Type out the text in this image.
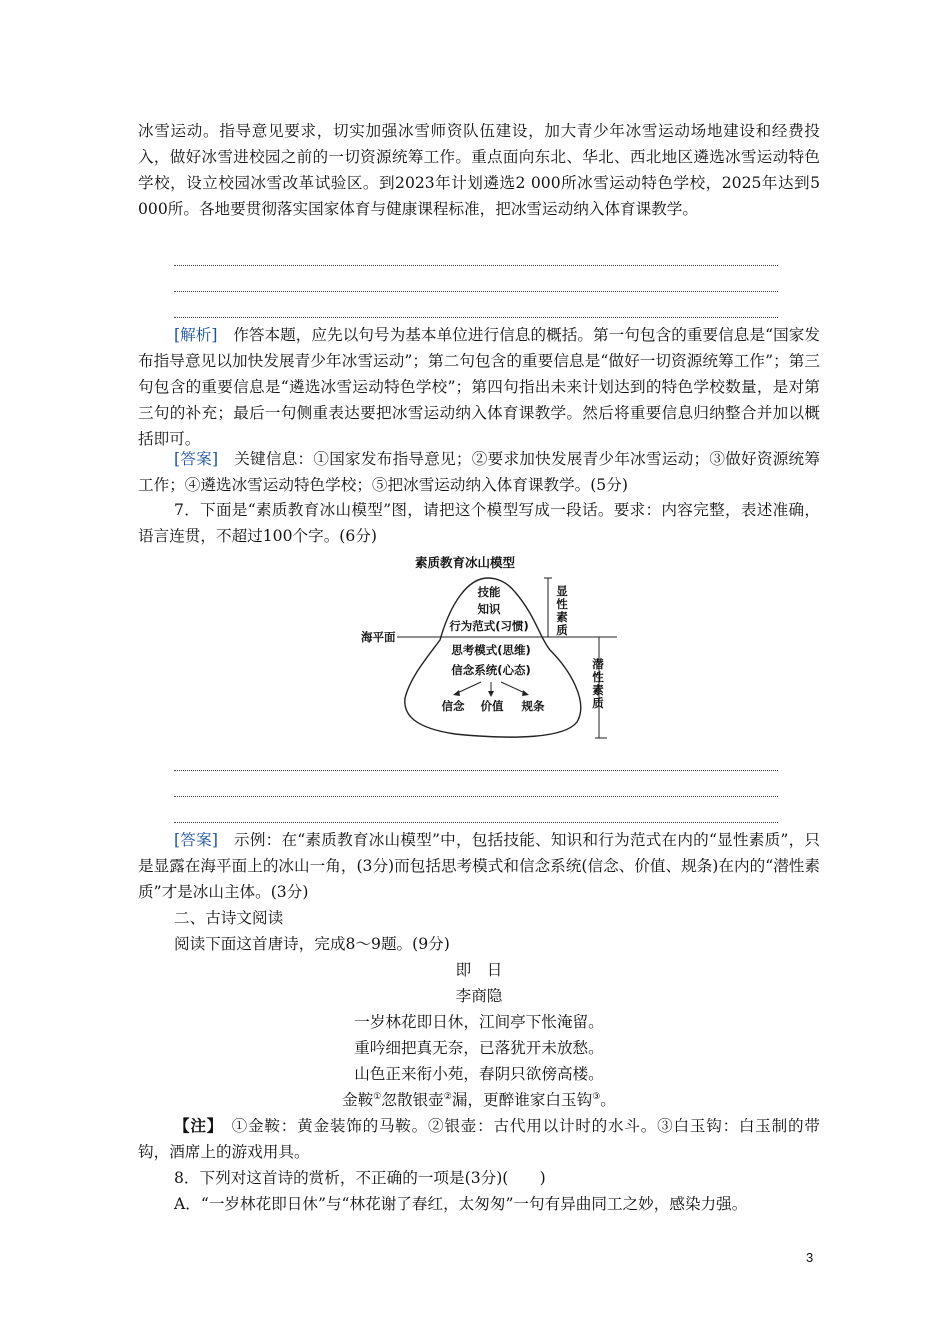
冰雪运动。指导意见要求，切实加强冰雪师资队伍建设，加大青少年冰雪运动场地建设和经费投入，做好冰雪进校园之前的一切资源统筹工作。重点面向东北、华北、西北地区遴选冰雪运动特色学校，设立校园冰雪改革试验区。到2023年计划遴选2 000所冰雪运动特色学校，2025年达到5 000所。各地要贯彻落实国家体育与健康课程标准，把冰雪运动纳入体育课教学。

[解析]　 作答本题，应先以句号为基本单位进行信息的概括。第一句包含的重要信息是“国家发布指导意见以加快发展青少年冰雪运动”；第二句包含的重要信息是“做好一切资源统筹工作”；第三句包含的重要信息是“遴选冰雪运动特色学校”；第四句指出未来计划达到的特色学校数量，是对第三句的补充；最后一句侧重表达要把冰雪运动纳入体育课教学。然后将重要信息归纳整合并加以概括即可。

[答案]　 关键信息：①国家发布指导意见；②要求加快发展青少年冰雪运动；③做好资源统筹工作；④遴选冰雪运动特色学校；⑤把冰雪运动纳入体育课教学。(5分)

7．下面是“素质教育冰山模型”图，请把这个模型写成一段话。要求：内容完整，表述准确，语言连贯，不超过100个字。(6分)

素质教育冰山模型
海平面
技能
知识
行为范式(习惯)
思考模式(思维)
信念系统(心态)
信念 价值 规条
显
性
素
质
潜
性
素
质

[答案]　 示例：在“素质教育冰山模型”中，包括技能、知识和行为范式在内的“显性素质”，只是显露在海平面上的冰山一角，(3分)而包括思考模式和信念系统(信念、价值、规条)在内的“潜性素质”才是冰山主体。(3分)

二、古诗文阅读

阅读下面这首唐诗，完成8～9题。(9分)

即　日
李商隐
一岁林花即日休，江间亭下怅淹留。
重吟细把真无奈，已落犹开未放愁。
山色正来衔小苑，春阴只欲傍高楼。
金鞍①忽散银壶②漏，更醉谁家白玉钩③。

【注】　 ①金鞍：黄金装饰的马鞍。②银壶：古代用以计时的水斗。③白玉钩：白玉制的带钩，酒席上的游戏用具。

8．下列对这首诗的赏析，不正确的一项是(3分)(　　)

A．“一岁林花即日休”与“林花谢了春红，太匆匆”一句有异曲同工之妙，感染力强。

3
